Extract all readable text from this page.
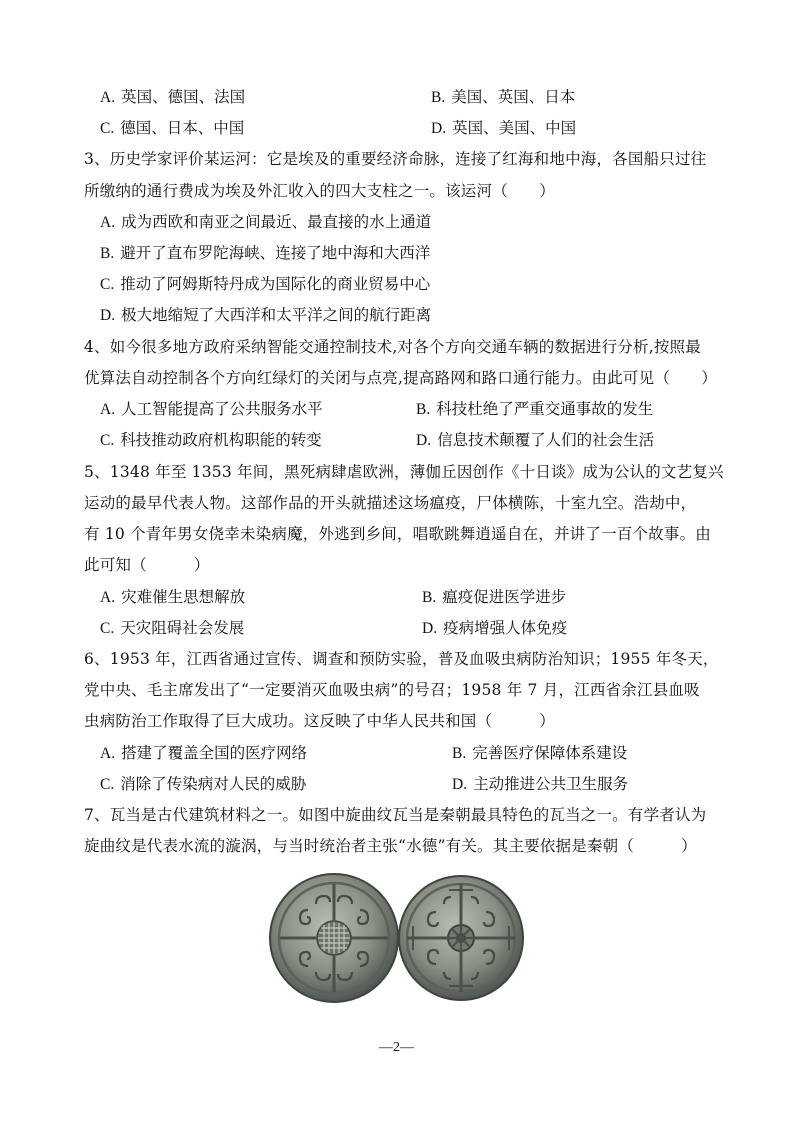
A. 英国、德国、法国	B. 美国、英国、日本
C. 德国、日本、中国	D. 英国、美国、中国
3、历史学家评价某运河：它是埃及的重要经济命脉，连接了红海和地中海，各国船只过往
所缴纳的通行费成为埃及外汇收入的四大支柱之一。该运河（　　）
A. 成为西欧和南亚之间最近、最直接的水上通道
B. 避开了直布罗陀海峡、连接了地中海和大西洋
C. 推动了阿姆斯特丹成为国际化的商业贸易中心
D. 极大地缩短了大西洋和太平洋之间的航行距离
4、如今很多地方政府采纳智能交通控制技术,对各个方向交通车辆的数据进行分析,按照最
优算法自动控制各个方向红绿灯的关闭与点亮,提高路网和路口通行能力。由此可见（　　）
A. 人工智能提高了公共服务水平	B. 科技杜绝了严重交通事故的发生
C. 科技推动政府机构职能的转变	D. 信息技术颠覆了人们的社会生活
5、1348 年至 1353 年间，黑死病肆虐欧洲，薄伽丘因创作《十日谈》成为公认的文艺复兴
运动的最早代表人物。这部作品的开头就描述这场瘟疫，尸体横陈，十室九空。浩劫中，
有 10 个青年男女侥幸未染病魔，外逃到乡间，唱歌跳舞逍遥自在，并讲了一百个故事。由
此可知（　　　）
A. 灾难催生思想解放	B. 瘟疫促进医学进步
C. 天灾阻碍社会发展	D. 疫病增强人体免疫
6、1953 年，江西省通过宣传、调查和预防实验，普及血吸虫病防治知识；1955 年冬天，
党中央、毛主席发出了“一定要消灭血吸虫病”的号召；1958 年 7 月，江西省余江县血吸
虫病防治工作取得了巨大成功。这反映了中华人民共和国（　　　）
A. 搭建了覆盖全国的医疗网络	B. 完善医疗保障体系建设
C. 消除了传染病对人民的威胁	D. 主动推进公共卫生服务
7、瓦当是古代建筑材料之一。如图中旋曲纹瓦当是秦朝最具特色的瓦当之一。有学者认为
旋曲纹是代表水流的漩涡，与当时统治者主张“水德”有关。其主要依据是秦朝（　　　）
—2—
